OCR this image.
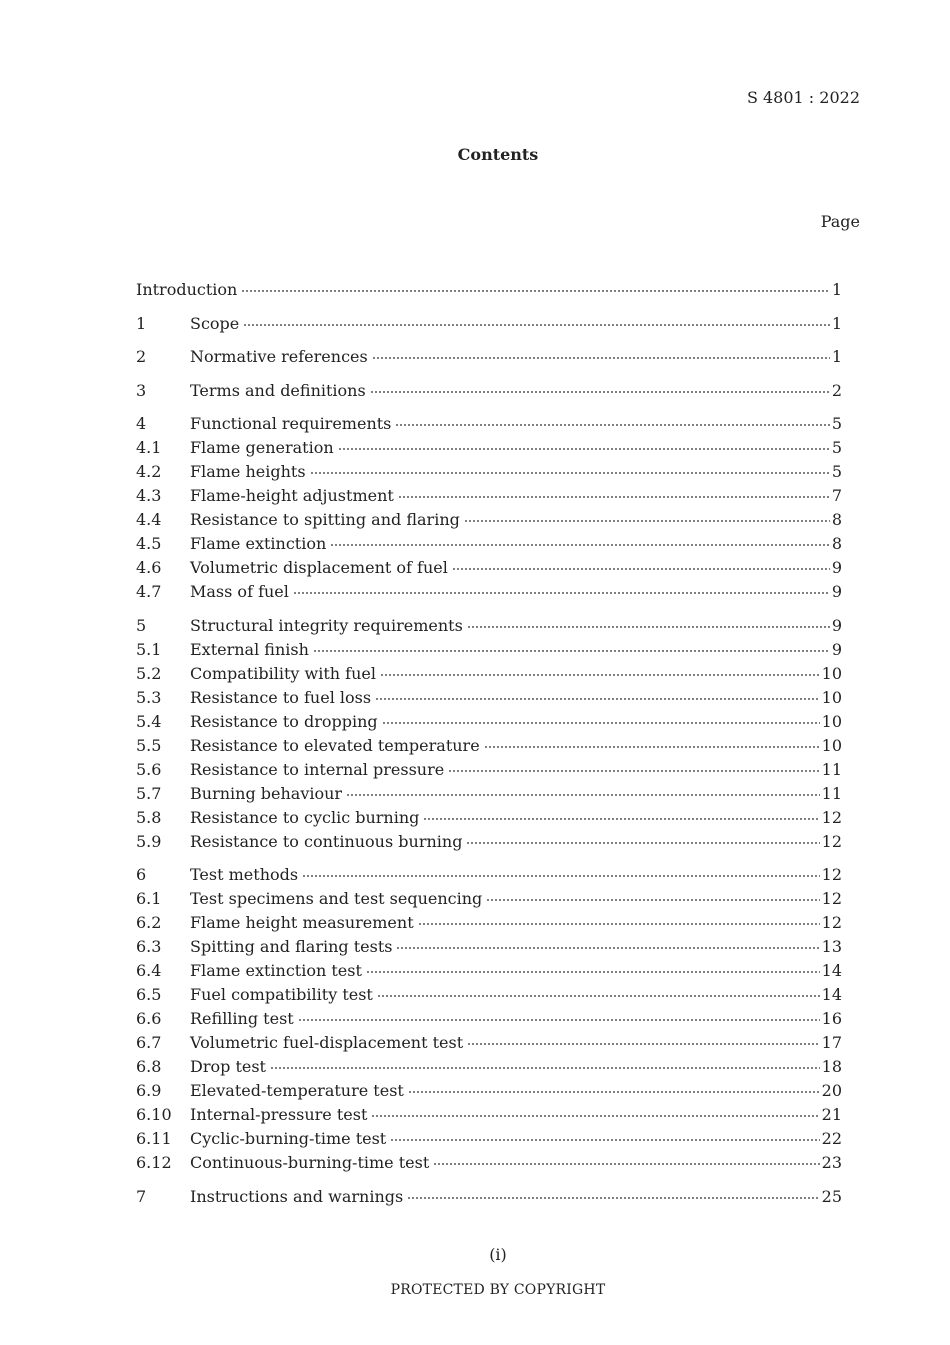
S 4801 : 2022
Contents
Page
Introduction	1
1	Scope	1
2	Normative references	1
3	Terms and definitions	2
4	Functional requirements	5
4.1	Flame generation	5
4.2	Flame heights	5
4.3	Flame-height adjustment	7
4.4	Resistance to spitting and flaring	8
4.5	Flame extinction	8
4.6	Volumetric displacement of fuel	9
4.7	Mass of fuel	9
5	Structural integrity requirements	9
5.1	External finish	9
5.2	Compatibility with fuel	10
5.3	Resistance to fuel loss	10
5.4	Resistance to dropping	10
5.5	Resistance to elevated temperature	10
5.6	Resistance to internal pressure	11
5.7	Burning behaviour	11
5.8	Resistance to cyclic burning	12
5.9	Resistance to continuous burning	12
6	Test methods	12
6.1	Test specimens and test sequencing	12
6.2	Flame height measurement	12
6.3	Spitting and flaring tests	13
6.4	Flame extinction test	14
6.5	Fuel compatibility test	14
6.6	Refilling test	16
6.7	Volumetric fuel-displacement test	17
6.8	Drop test	18
6.9	Elevated-temperature test	20
6.10	Internal-pressure test	21
6.11	Cyclic-burning-time test	22
6.12	Continuous-burning-time test	23
7	Instructions and warnings	25
(i)
PROTECTED BY COPYRIGHT
